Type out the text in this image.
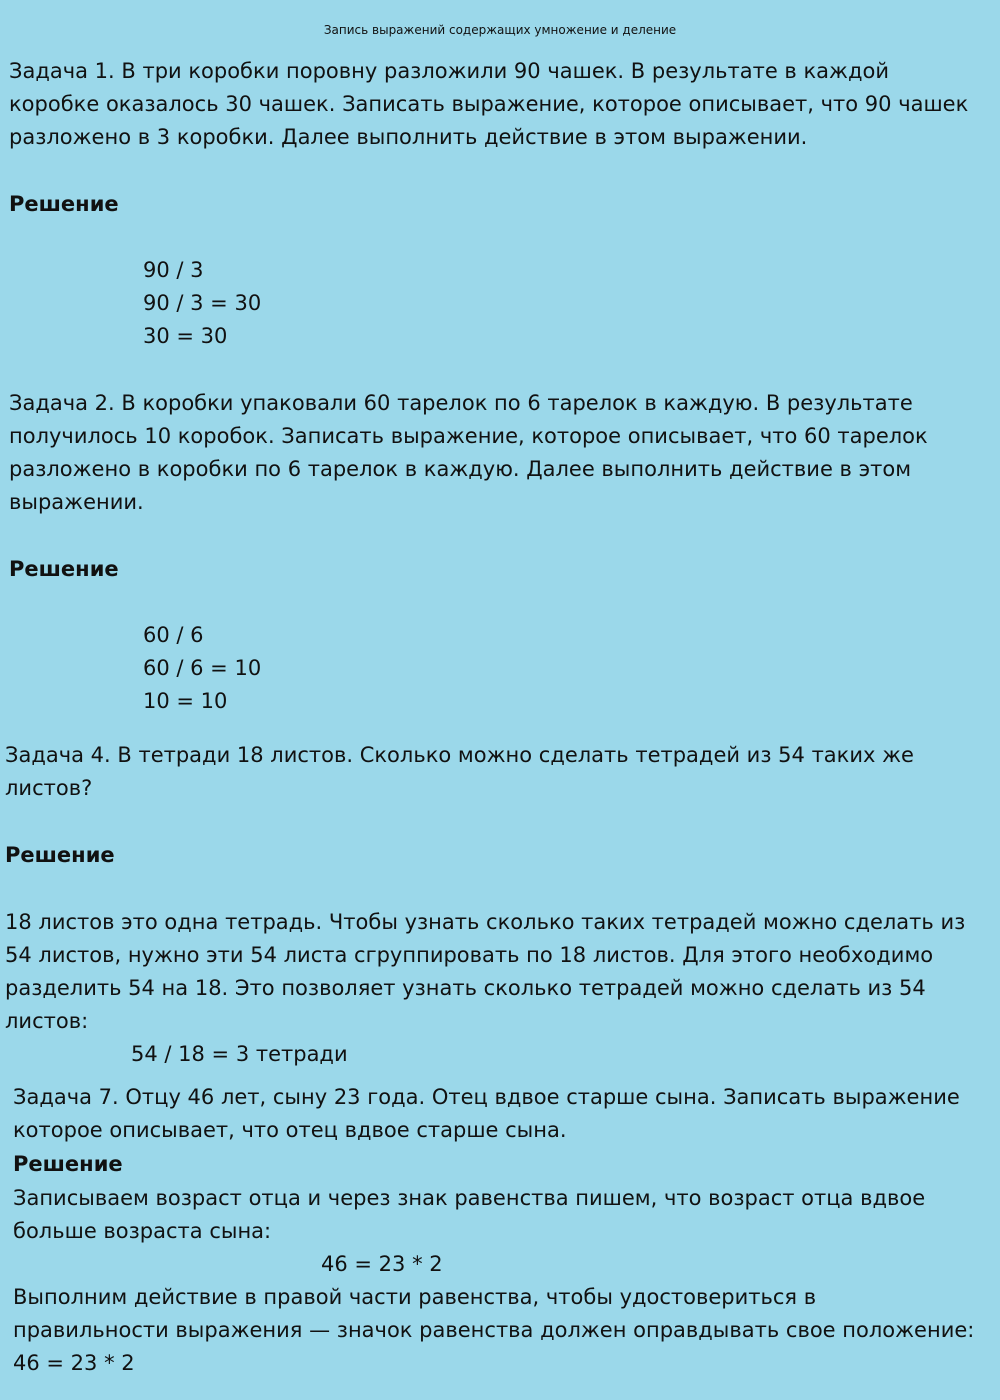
Запись выражений содержащих умножение и деление
Задача 1. В три коробки поровну разложили 90 чашек. В результате в каждой
коробке оказалось 30 чашек. Записать выражение, которое описывает, что 90 чашек
разложено в 3 коробки. Далее выполнить действие в этом выражении.
Решение
90 / 3
90 / 3 = 30
30 = 30
Задача 2. В коробки упаковали 60 тарелок по 6 тарелок в каждую. В результате
получилось 10 коробок. Записать выражение, которое описывает, что 60 тарелок
разложено в коробки по 6 тарелок в каждую. Далее выполнить действие в этом
выражении.
Решение
60 / 6
60 / 6 = 10
10 = 10
Задача 4. В тетради 18 листов. Сколько можно сделать тетрадей из 54 таких же
листов?
Решение
18 листов это одна тетрадь. Чтобы узнать сколько таких тетрадей можно сделать из
54 листов, нужно эти 54 листа сгруппировать по 18 листов. Для этого необходимо
разделить 54 на 18. Это позволяет узнать сколько тетрадей можно сделать из 54
листов:
54 / 18 = 3 тетради
Задача 7. Отцу 46 лет, сыну 23 года. Отец вдвое старше сына. Записать выражение
которое описывает, что отец вдвое старше сына.
Решение
Записываем возраст отца и через знак равенства пишем, что возраст отца вдвое
больше возраста сына:
46 = 23 * 2
Выполним действие в правой части равенства, чтобы удостовериться в
правильности выражения — значок равенства должен оправдывать свое положение:
46 = 23 * 2
